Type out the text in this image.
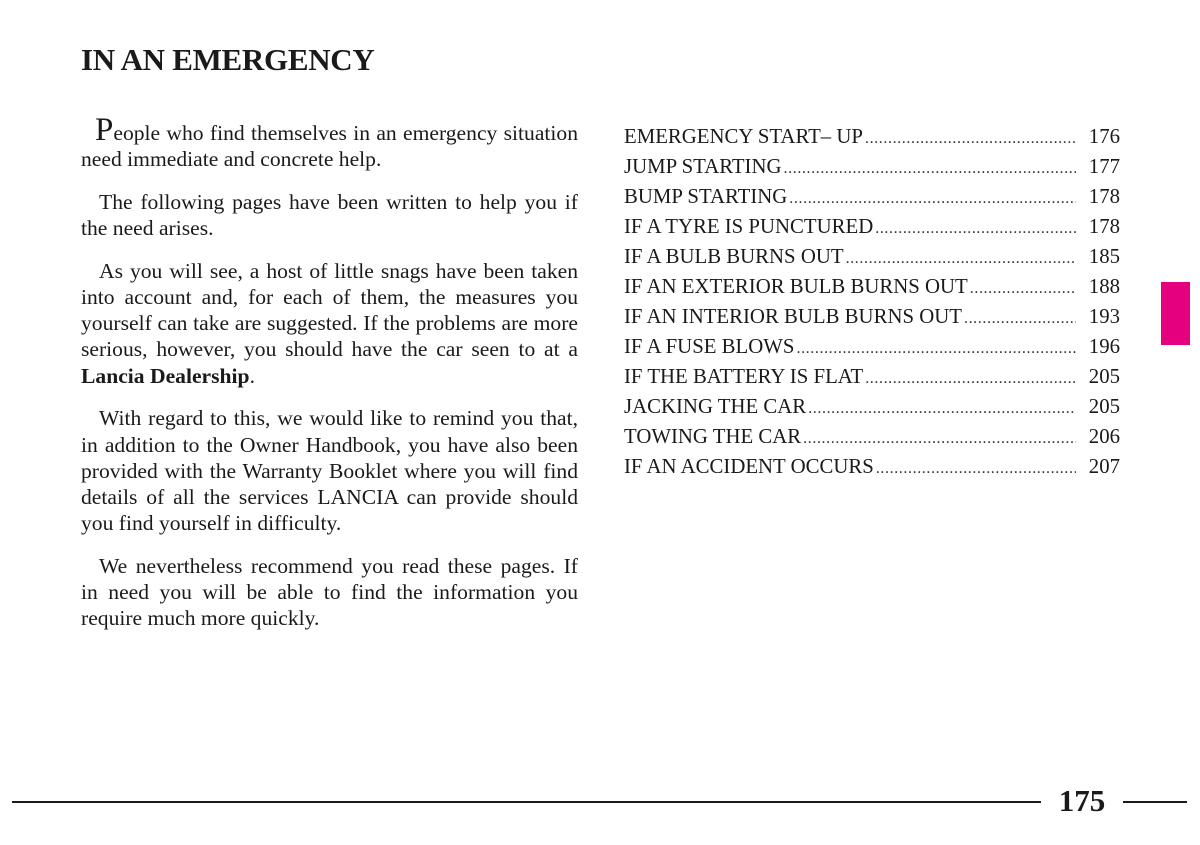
IN AN EMERGENCY

People who find themselves in an emergency situation need immediate and concrete help.

The following pages have been written to help you if the need arises.

As you will see, a host of little snags have been taken into account and, for each of them, the measures you yourself can take are suggested. If the problems are more serious, however, you should have the car seen to at a Lancia Dealership.

With regard to this, we would like to remind you that, in addition to the Owner Handbook, you have also been provided with the Warranty Booklet where you will find details of all the services LANCIA can provide should you find yourself in difficulty.

We nevertheless recommend you read these pages. If in need you will be able to find the information you require much more quickly.

EMERGENCY START– UP .....	176
JUMP STARTING .....	177
BUMP STARTING .....	178
IF A TYRE IS PUNCTURED .....	178
IF A BULB BURNS OUT .....	185
IF AN EXTERIOR BULB BURNS OUT .....	188
IF AN INTERIOR BULB BURNS OUT .....	193
IF A FUSE BLOWS .....	196
IF THE BATTERY IS FLAT .....	205
JACKING THE CAR .....	205
TOWING THE CAR .....	206
IF AN ACCIDENT OCCURS .....	207
175
